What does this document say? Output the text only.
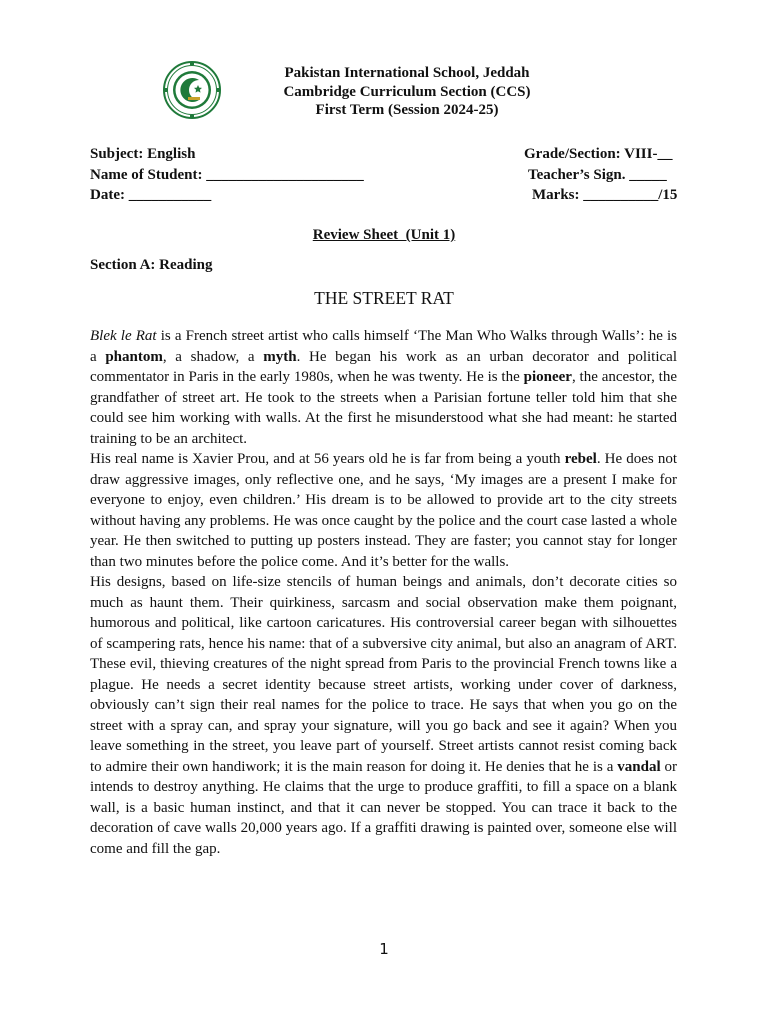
Pakistan International School, Jeddah
Cambridge Curriculum Section (CCS)
First Term (Session 2024-25)
Subject: English	Grade/Section: VIII-__
Name of Student: _____________________	Teacher’s Sign. _____
Date: ___________	Marks: __________/15
Review Sheet  (Unit 1)
Section A: Reading
THE STREET RAT

Blek le Rat is a French street artist who calls himself ‘The Man Who Walks through Walls’: he is a phantom, a shadow, a myth. He began his work as an urban decorator and political commentator in Paris in the early 1980s, when he was twenty. He is the pioneer, the ancestor, the grandfather of street art. He took to the streets when a Parisian fortune teller told him that she could see him working with walls. At the first he misunderstood what she had meant: he started training to be an architect.

His real name is Xavier Prou, and at 56 years old he is far from being a youth rebel. He does not draw aggressive images, only reflective one, and he says, ‘My images are a present I make for everyone to enjoy, even children.’ His dream is to be allowed to provide art to the city streets without having any problems. He was once caught by the police and the court case lasted a whole year. He then switched to putting up posters instead. They are faster; you cannot stay for longer than two minutes before the police come. And it’s better for the walls.

His designs, based on life-size stencils of human beings and animals, don’t decorate cities so much as haunt them. Their quirkiness, sarcasm and social observation make them poignant, humorous and political, like cartoon caricatures. His controversial career began with silhouettes of scampering rats, hence his name: that of a subversive city animal, but also an anagram of ART. These evil, thieving creatures of the night spread from Paris to the provincial French towns like a plague. He needs a secret identity because street artists, working under cover of darkness, obviously can’t sign their real names for the police to trace. He says that when you go on the street with a spray can, and spray your signature, will you go back and see it again? When you leave something in the street, you leave part of yourself. Street artists cannot resist coming back to admire their own handiwork; it is the main reason for doing it. He denies that he is a vandal or intends to destroy anything. He claims that the urge to produce graffiti, to fill a space on a blank wall, is a basic human instinct, and that it can never be stopped. You can trace it back to the decoration of cave walls 20,000 years ago. If a graffiti drawing is painted over, someone else will come and fill the gap.

1
